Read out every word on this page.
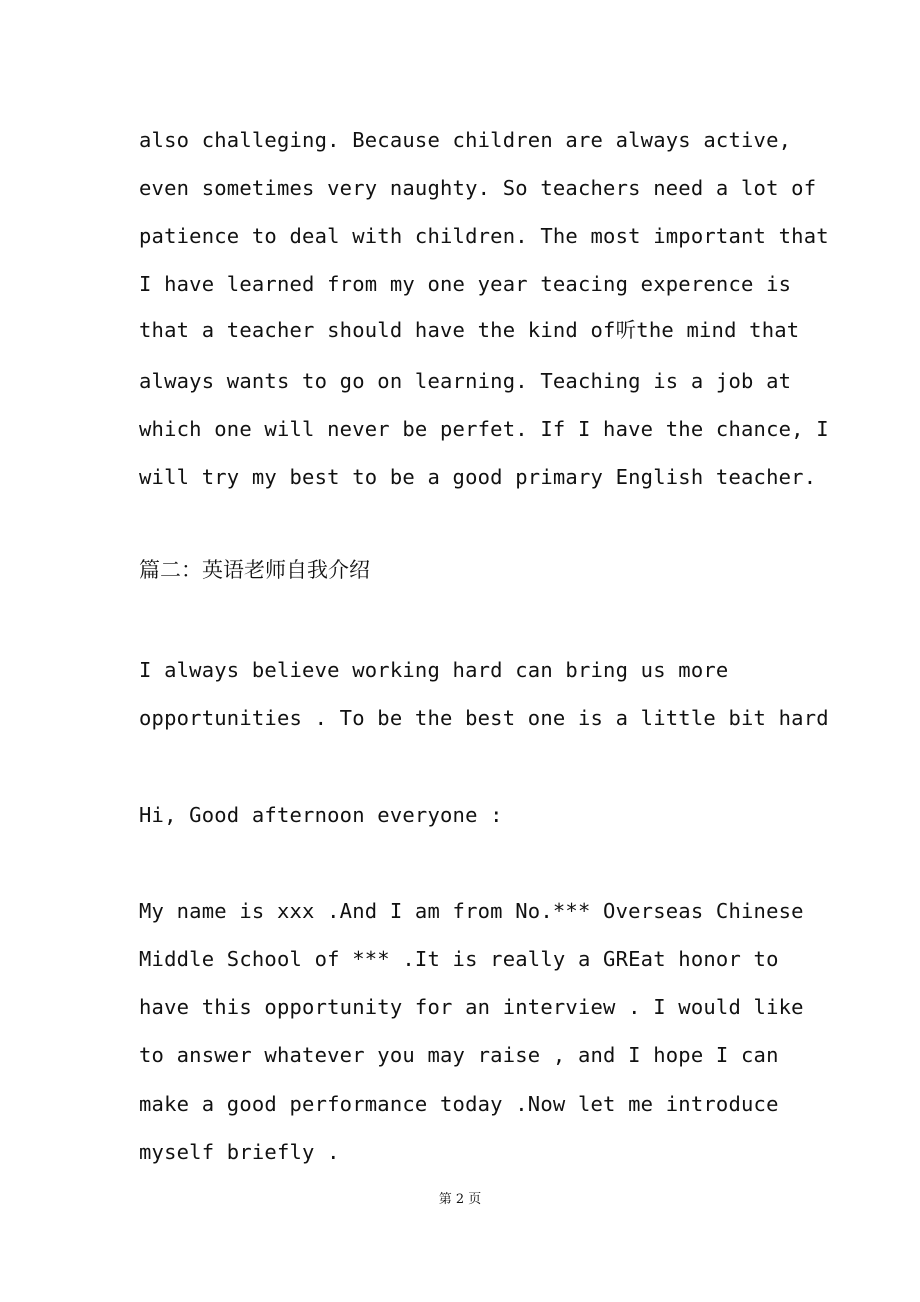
also challeging. Because children are always active,
even sometimes very naughty. So teachers need a lot of
patience to deal with children. The most important that
I have learned from my one year teacing experence is
that a teacher should have the kind of听the mind that
always wants to go on learning. Teaching is a job at
which one will never be perfet. If I have the chance, I
will try my best to be a good primary English teacher.
篇二：英语老师自我介绍
I always believe working hard can bring us more
opportunities . To be the best one is a little bit hard
Hi, Good afternoon everyone :
My name is xxx .And I am from No.*** Overseas Chinese
Middle School of *** .It is really a GREat honor to
have this opportunity for an interview . I would like
to answer whatever you may raise , and I hope I can
make a good performance today .Now let me introduce
myself briefly .
第 2 页
